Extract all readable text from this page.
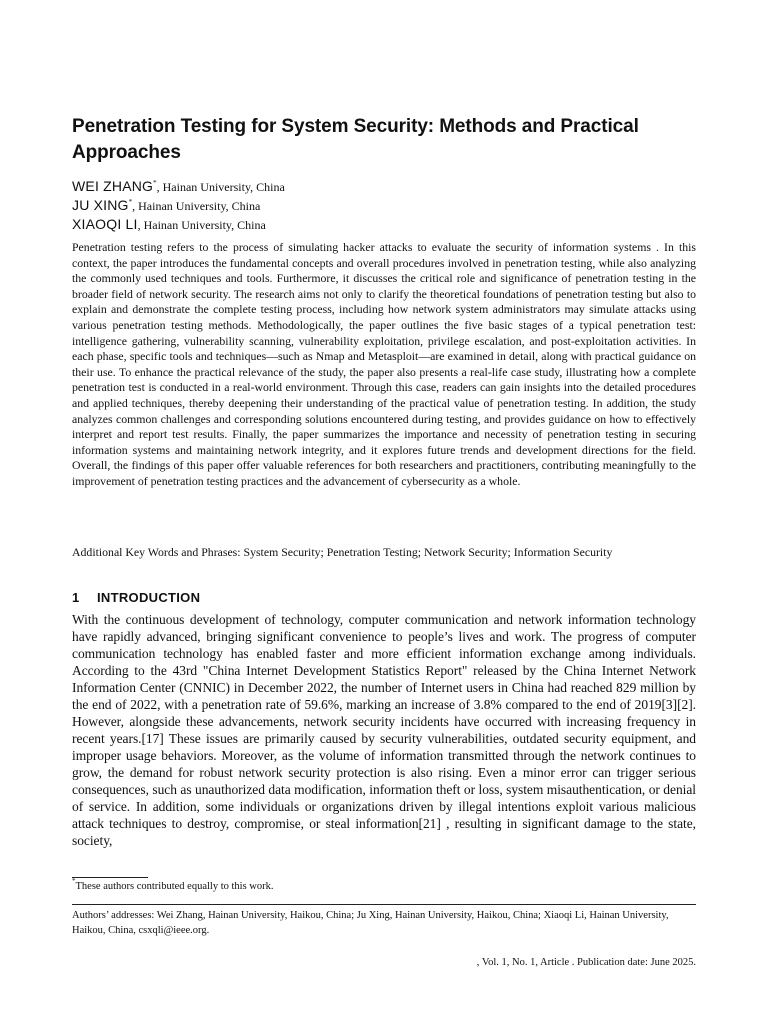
Penetration Testing for System Security: Methods and Practical Approaches
WEI ZHANG*, Hainan University, China
JU XING*, Hainan University, China
XIAOQI LI, Hainan University, China

Penetration testing refers to the process of simulating hacker attacks to evaluate the security of information systems . In this context, the paper introduces the fundamental concepts and overall procedures involved in penetration testing, while also analyzing the commonly used techniques and tools. Furthermore, it discusses the critical role and significance of penetration testing in the broader field of network security. The research aims not only to clarify the theoretical foundations of penetration testing but also to explain and demonstrate the complete testing process, including how network system administrators may simulate attacks using various penetration testing methods. Methodologically, the paper outlines the five basic stages of a typical penetration test: intelligence gathering, vulnerability scanning, vulnerability exploitation, privilege escalation, and post-exploitation activities. In each phase, specific tools and techniques—such as Nmap and Metasploit—are examined in detail, along with practical guidance on their use. To enhance the practical relevance of the study, the paper also presents a real-life case study, illustrating how a complete penetration test is conducted in a real-world environment. Through this case, readers can gain insights into the detailed procedures and applied techniques, thereby deepening their understanding of the practical value of penetration testing. In addition, the study analyzes common challenges and corresponding solutions encountered during testing, and provides guidance on how to effectively interpret and report test results. Finally, the paper summarizes the importance and necessity of penetration testing in securing information systems and maintaining network integrity, and it explores future trends and development directions for the field. Overall, the findings of this paper offer valuable references for both researchers and practitioners, contributing meaningfully to the improvement of penetration testing practices and the advancement of cybersecurity as a whole.

Additional Key Words and Phrases: System Security; Penetration Testing; Network Security; Information Security

1 INTRODUCTION

With the continuous development of technology, computer communication and network information technology have rapidly advanced, bringing significant convenience to people’s lives and work. The progress of computer communication technology has enabled faster and more efficient information exchange among individuals. According to the 43rd "China Internet Development Statistics Report" released by the China Internet Network Information Center (CNNIC) in December 2022, the number of Internet users in China had reached 829 million by the end of 2022, with a penetration rate of 59.6%, marking an increase of 3.8% compared to the end of 2019[3][2]. However, alongside these advancements, network security incidents have occurred with increasing frequency in recent years.[17] These issues are primarily caused by security vulnerabilities, outdated security equipment, and improper usage behaviors. Moreover, as the volume of information transmitted through the network continues to grow, the demand for robust network security protection is also rising. Even a minor error can trigger serious consequences, such as unauthorized data modification, information theft or loss, system misauthentication, or denial of service. In addition, some individuals or organizations driven by illegal intentions exploit various malicious attack techniques to destroy, compromise, or steal information[21] , resulting in significant damage to the state, society,

*These authors contributed equally to this work.

Authors’ addresses: Wei Zhang, Hainan University, Haikou, China; Ju Xing, Hainan University, Haikou, China; Xiaoqi Li, Hainan University, Haikou, China, csxqli@ieee.org.

, Vol. 1, No. 1, Article . Publication date: June 2025.
